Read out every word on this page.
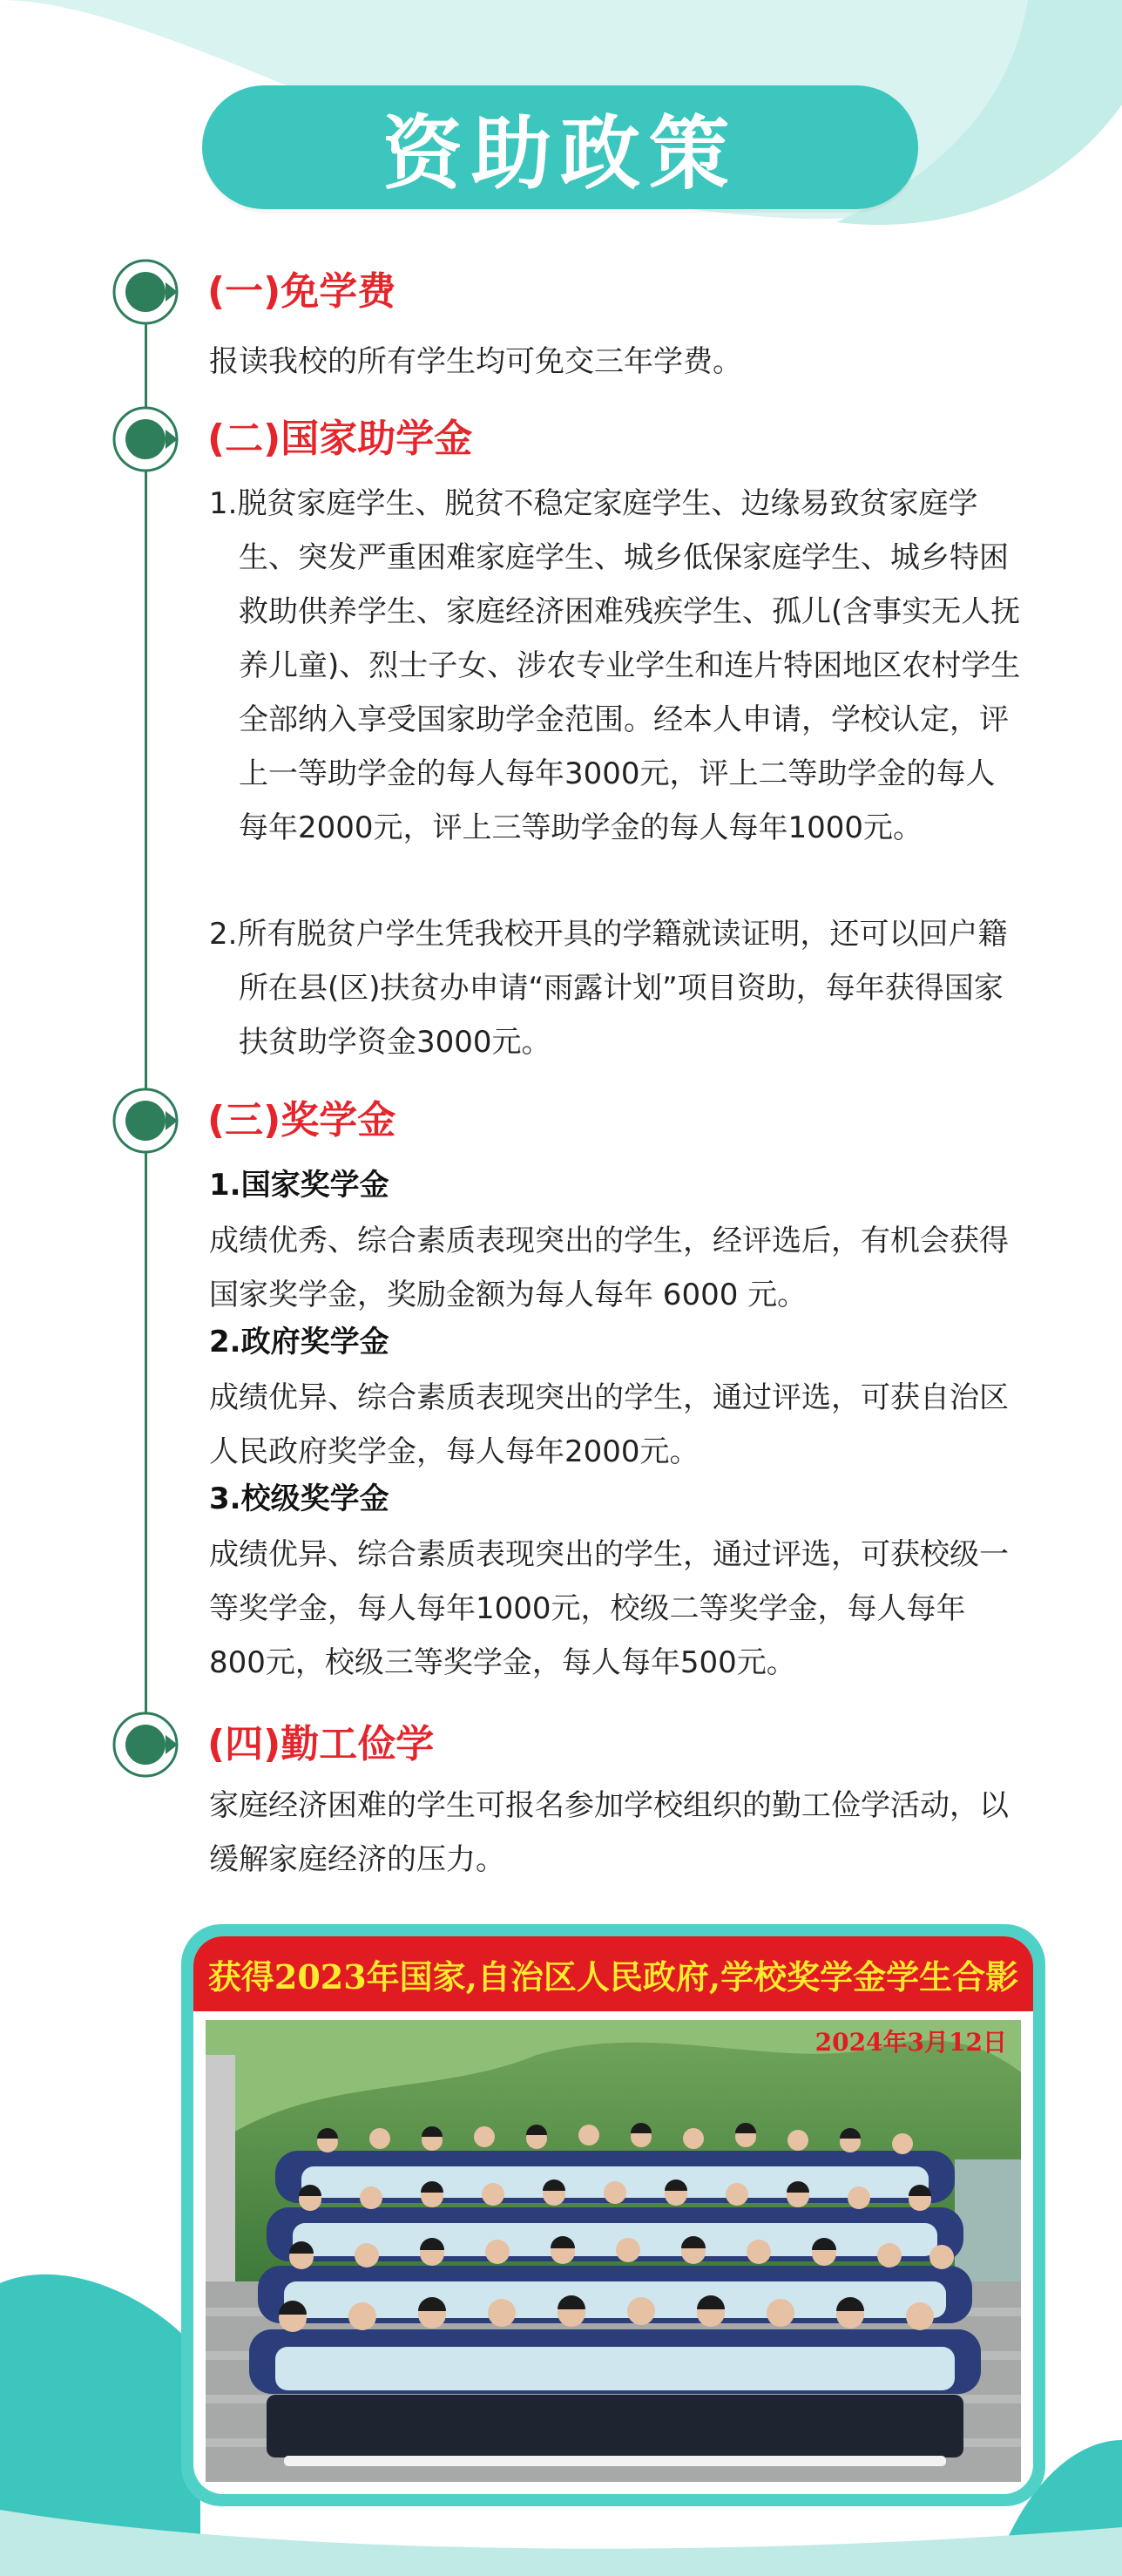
资助政策
(一)免学费
报读我校的所有学生均可免交三年学费。
(二)国家助学金
1.脱贫家庭学生、脱贫不稳定家庭学生、边缘易致贫家庭学生、突发严重困难家庭学生、城乡低保家庭学生、城乡特困救助供养学生、家庭经济困难残疾学生、孤儿(含事实无人抚养儿童)、烈士子女、涉农专业学生和连片特困地区农村学生全部纳入享受国家助学金范围。经本人申请，学校认定，评上一等助学金的每人每年3000元，评上二等助学金的每人每年2000元，评上三等助学金的每人每年1000元。
2.所有脱贫户学生凭我校开具的学籍就读证明，还可以回户籍所在县(区)扶贫办申请“雨露计划”项目资助，每年获得国家扶贫助学资金3000元。
(三)奖学金
1.国家奖学金
成绩优秀、综合素质表现突出的学生，经评选后，有机会获得国家奖学金，奖励金额为每人每年 6000 元。
2.政府奖学金
成绩优异、综合素质表现突出的学生，通过评选，可获自治区人民政府奖学金，每人每年2000元。
3.校级奖学金
成绩优异、综合素质表现突出的学生，通过评选，可获校级一等奖学金，每人每年1000元，校级二等奖学金，每人每年800元，校级三等奖学金，每人每年500元。
(四)勤工俭学
家庭经济困难的学生可报名参加学校组织的勤工俭学活动，以缓解家庭经济的压力。
获得2023年国家,自治区人民政府,学校奖学金学生合影
2024年3月12日
